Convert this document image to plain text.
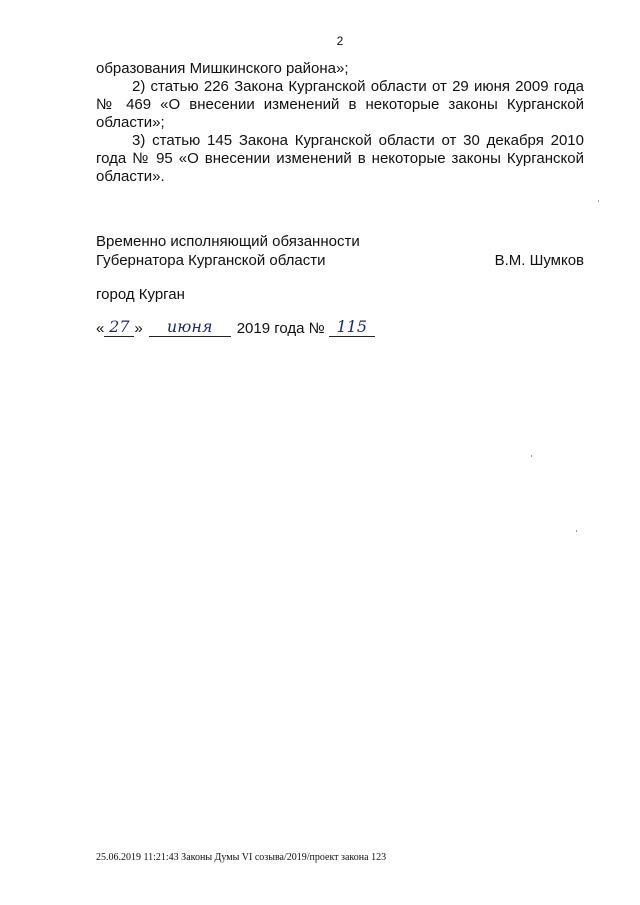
2

образования Мишкинского района»;

2) статью 226 Закона Курганской области от 29 июня 2009 года № 469 «О внесении изменений в некоторые законы Курганской области»;

3) статью 145 Закона Курганской области от 30 декабря 2010 года № 95 «О внесении изменений в некоторые законы Курганской области».

Временно исполняющий обязанности
Губернатора Курганской области	В.М. Шумков
город Курган
« 27 »	июня	2019 года № 115
25.06.2019 11:21:43 Законы Думы VI созыва/2019/проект закона 123
